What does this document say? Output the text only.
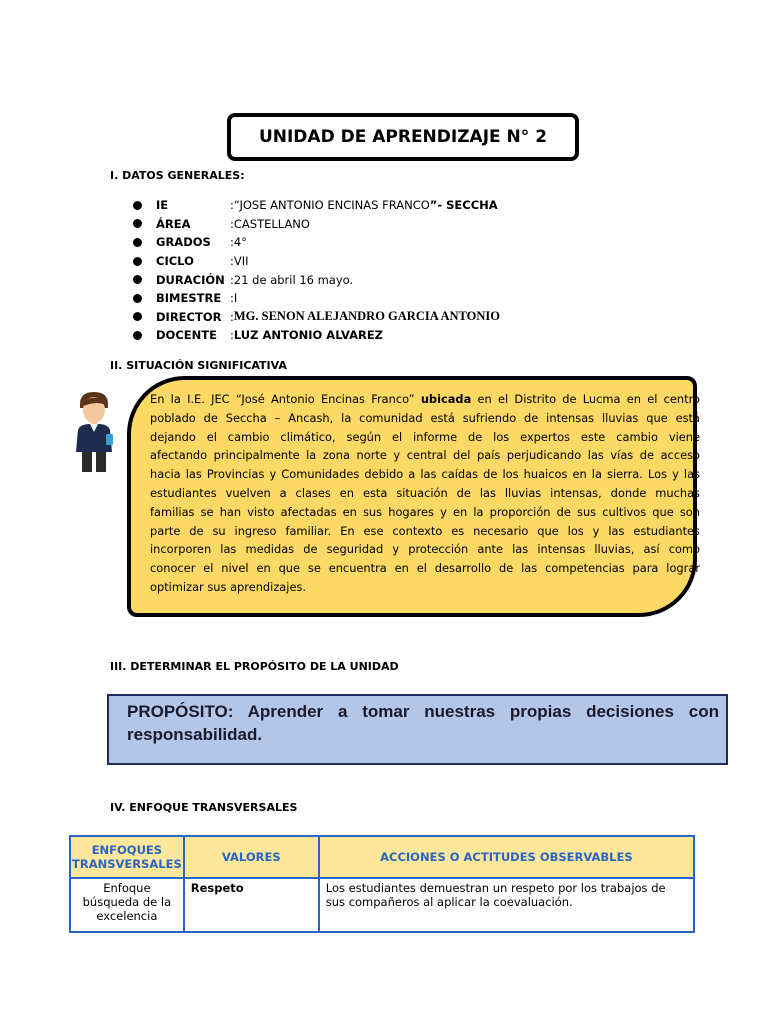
UNIDAD DE APRENDIZAJE N° 2
I. DATOS GENERALES:
IE	: “JOSE ANTONIO ENCINAS FRANCO ”- SECCHA
ÁREA	: CASTELLANO
GRADOS	: 4°
CICLO	: VII
DURACIÓN : 21 de abril 16 mayo.
BIMESTRE : I
DIRECTOR : MG. SENON ALEJANDRO GARCIA ANTONIO
DOCENTE	: LUZ ANTONIO ALVAREZ
II. SITUACIÓN SIGNIFICATIVA
En la I.E. JEC “José Antonio Encinas Franco” ubicada en el Distrito de Lucma en el centro
poblado de Seccha – Ancash, la comunidad está sufriendo de intensas lluvias que está
dejando el cambio climático, según el informe de los expertos este cambio viene
afectando principalmente la zona norte y central del país perjudicando las vías de acceso
hacia las Provincias y Comunidades debido a las caídas de los huaicos en la sierra. Los y las
estudiantes vuelven a clases en esta situación de las lluvias intensas, donde muchas
familias se han visto afectadas en sus hogares y en la proporción de sus cultivos que son
parte de su ingreso familiar. En ese contexto es necesario que los y las estudiantes
incorporen las medidas de seguridad y protección ante las intensas lluvias, así como
conocer el nivel en que se encuentra en el desarrollo de las competencias para lograr
optimizar sus aprendizajes.
III. DETERMINAR EL PROPÓSITO DE LA UNIDAD
PROPÓSITO: Aprender a tomar nuestras propias decisiones con
responsabilidad.
IV. ENFOQUE TRANSVERSALES
ENFOQUES TRANSVERSALES	VALORES	ACCIONES O ACTITUDES OBSERVABLES
Enfoque búsqueda de la excelencia	Respeto	Los estudiantes demuestran un respeto por los trabajos de sus compañeros al aplicar la coevaluación.
